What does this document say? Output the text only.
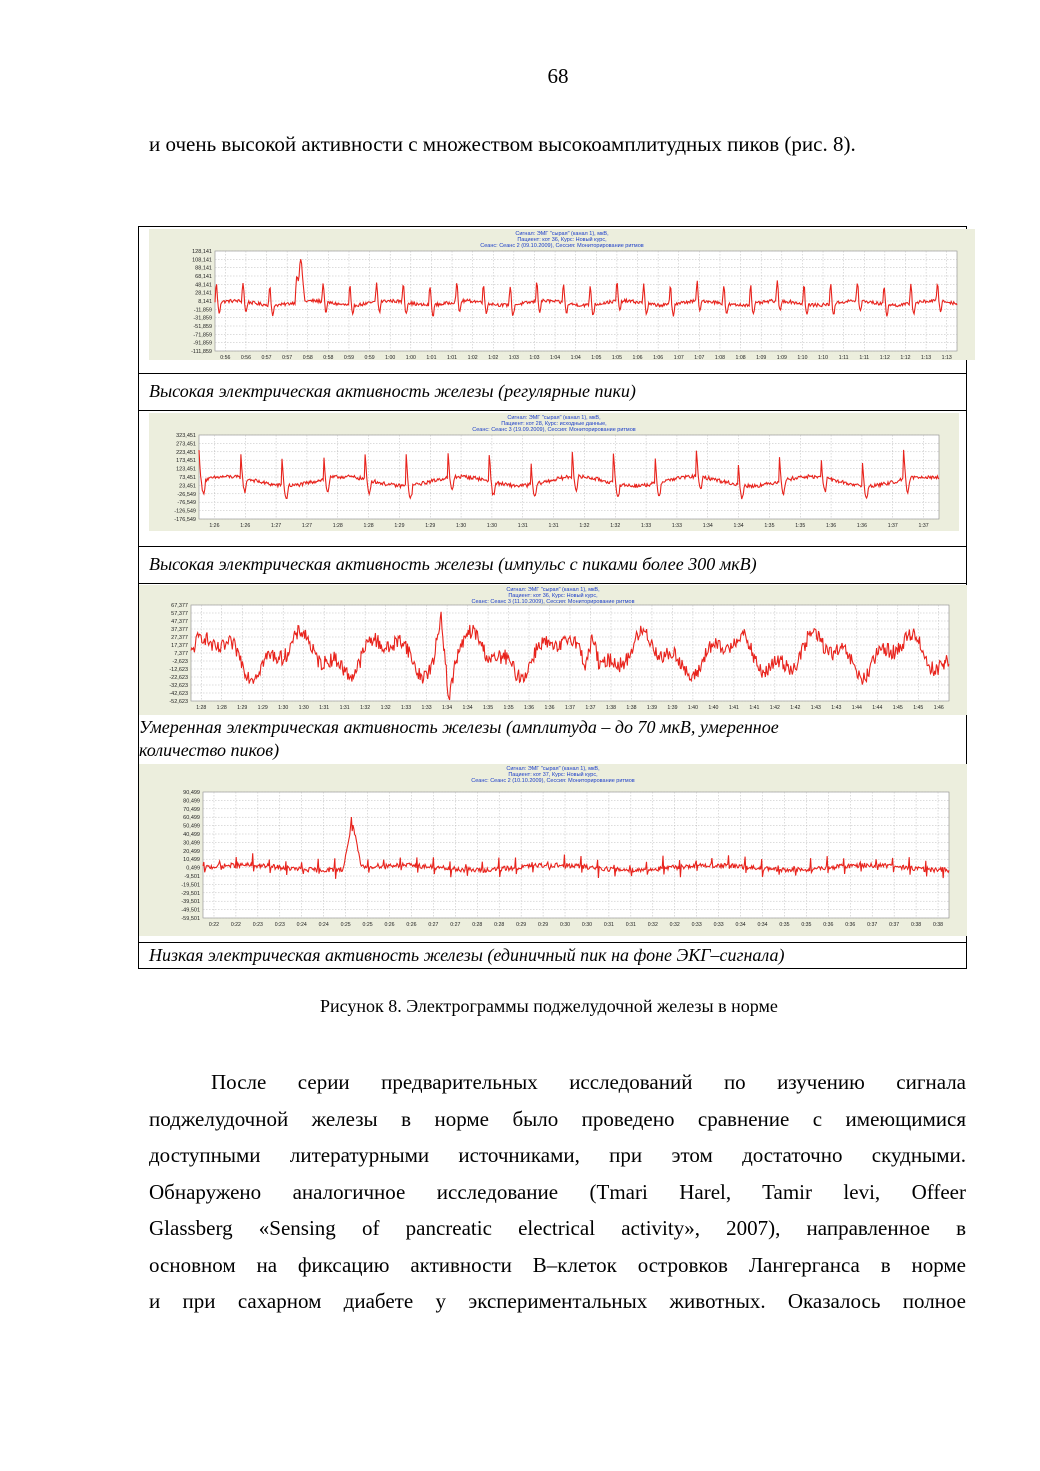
68
и очень высокой активности с множеством высокоамплитудных пиков (рис. 8).
Сигнал: ЭМГ "сырая" (канал 1), мкВ,
Пациент: кот 36, Курс: Новый курс,
Сеанс: Сеанс 2 (09.10.2009), Сессия: Мониторирование ритмов
128,141
108,141
88,141
68,141
48,141
28,141
8,141
-11,859
-31,859
-51,859
-71,859
-91,859
-111,859
0:56 0:56 0:57 0:57 0:58 0:58 0:59 0:59 1:00 1:00 1:01 1:01 1:02 1:02 1:03 1:03 1:04 1:04 1:05 1:05 1:06 1:06 1:07 1:07 1:08 1:08 1:09 1:09 1:10 1:10 1:11 1:11 1:12 1:12 1:13 1:13
Высокая электрическая активность железы (регулярные пики)
Сигнал: ЭМГ "сырая" (канал 1), мкВ,
Пациент: кот 28, Курс: исходные данные,
Сеанс: Сеанс 3 (19.09.2009), Сессия: Мониторирование ритмов
323,451
273,451
223,451
173,451
123,451
73,451
23,451
-26,549
-76,549
-126,549
-176,549
1:26	1:26	1:27	1:27	1:28	1:28	1:29	1:29	1:30	1:30	1:31	1:31	1:32	1:32	1:33	1:33	1:34	1:34	1:35	1:35	1:36	1:36	1:37	1:37
Высокая электрическая активность железы (импульс с пиками более 300 мкВ)
Сигнал: ЭМГ "сырая" (канал 1), мкВ,
Пациент: кот 36, Курс: Новый курс,
Сеанс: Сеанс 3 (11.10.2009), Сессия: Мониторирование ритмов
67,377
57,377
47,377
37,377
27,377
17,377
7,377
-2,623
-12,623
-22,623
-32,623
-42,623
-52,623
1:28 1:28 1:29 1:29 1:30 1:30 1:31 1:31 1:32 1:32 1:33 1:33 1:34 1:34 1:35 1:35 1:36 1:36 1:37 1:37 1:38 1:38 1:39 1:39 1:40 1:40 1:41 1:41 1:42 1:42 1:43 1:43 1:44 1:44 1:45 1:45 1:46
Умеренная электрическая активность железы (амплитуда – до 70 мкВ, умеренное
количество пиков)
Сигнал: ЭМГ "сырая" (канал 1), мкВ,
Пациент: кот 37, Курс: Новый курс,
Сеанс: Сеанс 2 (10.10.2009), Сессия: Мониторирование ритмов
90,499
80,499
70,499
60,499
50,499
40,499
30,499
20,499
10,499
0,499
-9,501
-19,501
-29,501
-39,501
-49,501
-59,501
0:22 0:22 0:23 0:23 0:24 0:24 0:25 0:25 0:26 0:26 0:27 0:27 0:28 0:28 0:29 0:29 0:30 0:30 0:31 0:31 0:32 0:32 0:33 0:33 0:34 0:34 0:35 0:35 0:36 0:36 0:37 0:37 0:38 0:38
Низкая электрическая активность железы (единичный пик на фоне ЭКГ–сигнала)
Рисунок 8. Электрограммы поджелудочной железы в норме
После серии предварительных исследований по изучению сигнала
поджелудочной железы в норме было проведено сравнение с имеющимися
доступными литературными источниками, при этом достаточно скудными.
Обнаружено аналогичное исследование (Tmari Harel, Tamir levi, Offeer
Glassberg «Sensing of pancreatic electrical activity», 2007), направленное в
основном на фиксацию активности В–клеток островков Лангерганса в норме
и при сахарном диабете у экспериментальных животных. Оказалось полное
